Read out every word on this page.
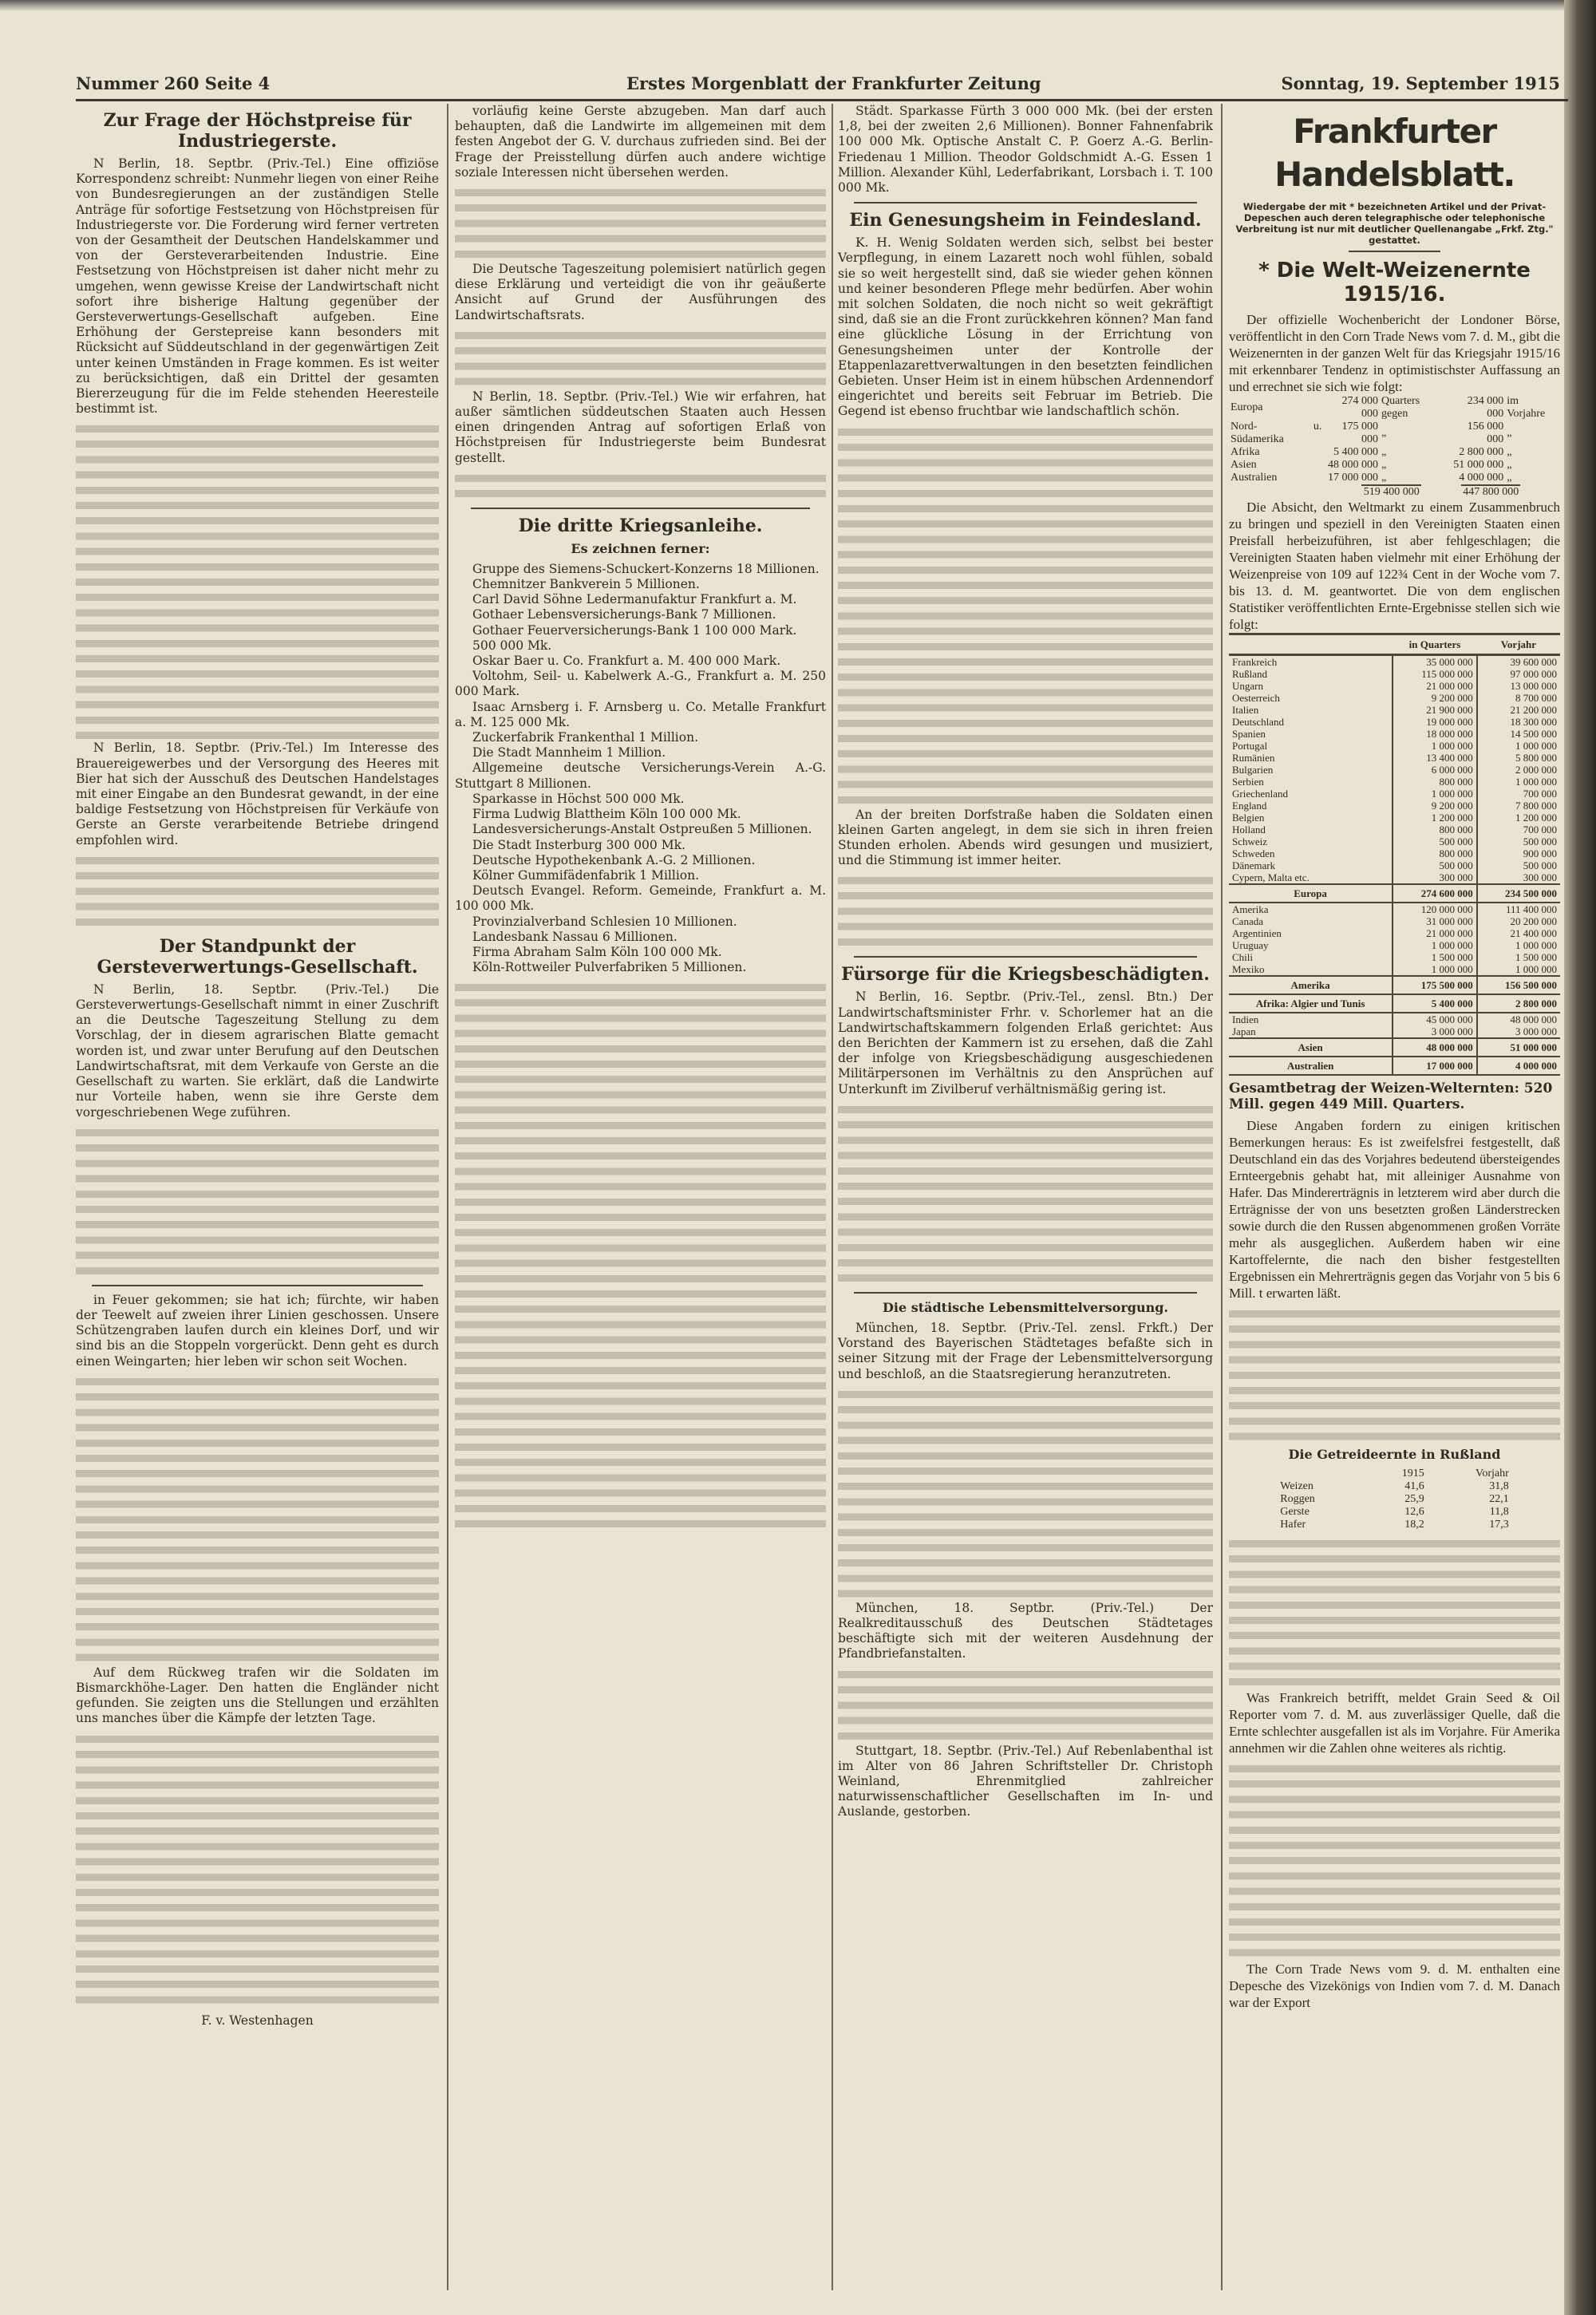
Nummer 260 Seite 4	Erstes Morgenblatt der Frankfurter Zeitung	Sonntag, 19. September 1915
Zur Frage der Höchstpreise für Industriegerste.

N Berlin, 18. Septbr. (Priv.-Tel.) Eine offiziöse Korrespondenz schreibt: Nunmehr liegen von einer Reihe von Bundesregierungen an der zuständigen Stelle Anträge für sofortige Festsetzung von Höchstpreisen für Industriegerste vor. Die Forderung wird ferner vertreten von der Gesamtheit der Deutschen Handelskammer und von der Gersteverarbeitenden Industrie. Eine Festsetzung von Höchstpreisen ist daher nicht mehr zu umgehen, wenn gewisse Kreise der Landwirtschaft nicht sofort ihre bisherige Haltung gegenüber der Gersteverwertungs-Gesellschaft aufgeben. Eine Erhöhung der Gerstepreise kann besonders mit Rücksicht auf Süddeutschland in der gegenwärtigen Zeit unter keinen Umständen in Frage kommen. Es ist weiter zu berücksichtigen, daß ein Drittel der gesamten Biererzeugung für die im Felde stehenden Heeresteile bestimmt ist.

N Berlin, 18. Septbr. (Priv.-Tel.) Im Interesse des Brauereigewerbes und der Versorgung des Heeres mit Bier hat sich der Ausschuß des Deutschen Handelstages mit einer Eingabe an den Bundesrat gewandt, in der eine baldige Festsetzung von Höchstpreisen für Verkäufe von Gerste an Gerste verarbeitende Betriebe dringend empfohlen wird.

Der Standpunkt der Gersteverwertungs-Gesellschaft.

N Berlin, 18. Septbr. (Priv.-Tel.) Die Gersteverwertungs-Gesellschaft nimmt in einer Zuschrift an die Deutsche Tageszeitung Stellung zu dem Vorschlag, der in diesem agrarischen Blatte gemacht worden ist, und zwar unter Berufung auf den Deutschen Landwirtschaftsrat, mit dem Verkaufe von Gerste an die Gesellschaft zu warten. Sie erklärt, daß die Landwirte nur Vorteile haben, wenn sie ihre Gerste dem vorgeschriebenen Wege zuführen.

in Feuer gekommen; sie hat ich; fürchte, wir haben der Teewelt auf zweien ihrer Linien geschossen. Unsere Schützengraben laufen durch ein kleines Dorf, und wir sind bis an die Stoppeln vorgerückt. Denn geht es durch einen Weingarten; hier leben wir schon seit Wochen.

Auf dem Rückweg trafen wir die Soldaten im Bismarckhöhe-Lager. Den hatten die Engländer nicht gefunden. Sie zeigten uns die Stellungen und erzählten uns manches über die Kämpfe der letzten Tage.

F. v. Westenhagen

vorläufig keine Gerste abzugeben. Man darf auch behaupten, daß die Landwirte im allgemeinen mit dem festen Angebot der G. V. durchaus zufrieden sind. Bei der Frage der Preisstellung dürfen auch andere wichtige soziale Interessen nicht übersehen werden.

Die Deutsche Tageszeitung polemisiert natürlich gegen diese Erklärung und verteidigt die von ihr geäußerte Ansicht auf Grund der Ausführungen des Landwirtschaftsrats.

N Berlin, 18. Septbr. (Priv.-Tel.) Wie wir erfahren, hat außer sämtlichen süddeutschen Staaten auch Hessen einen dringenden Antrag auf sofortigen Erlaß von Höchstpreisen für Industriegerste beim Bundesrat gestellt.

Die dritte Kriegsanleihe.
Es zeichnen ferner:

Gruppe des Siemens-Schuckert-Konzerns 18 Millionen.

Chemnitzer Bankverein 5 Millionen.

Carl David Söhne Ledermanufaktur Frankfurt a. M.

Gothaer Lebensversicherungs-Bank 7 Millionen.

Gothaer Feuerversicherungs-Bank 1 100 000 Mark.

500 000 Mk.

Oskar Baer u. Co. Frankfurt a. M. 400 000 Mark.

Voltohm, Seil- u. Kabelwerk A.-G., Frankfurt a. M. 250 000 Mark.

Isaac Arnsberg i. F. Arnsberg u. Co. Metalle Frankfurt a. M. 125 000 Mk.

Zuckerfabrik Frankenthal 1 Million.

Die Stadt Mannheim 1 Million.

Allgemeine deutsche Versicherungs-Verein A.-G. Stuttgart 8 Millionen.

Sparkasse in Höchst 500 000 Mk.

Firma Ludwig Blattheim Köln 100 000 Mk.

Landesversicherungs-Anstalt Ostpreußen 5 Millionen.

Die Stadt Insterburg 300 000 Mk.

Deutsche Hypothekenbank A.-G. 2 Millionen.

Kölner Gummifädenfabrik 1 Million.

Deutsch Evangel. Reform. Gemeinde, Frankfurt a. M. 100 000 Mk.

Provinzialverband Schlesien 10 Millionen.

Landesbank Nassau 6 Millionen.

Firma Abraham Salm Köln 100 000 Mk.

Köln-Rottweiler Pulverfabriken 5 Millionen.

Städt. Sparkasse Fürth 3 000 000 Mk. (bei der ersten 1,8, bei der zweiten 2,6 Millionen). Bonner Fahnenfabrik 100 000 Mk. Optische Anstalt C. P. Goerz A.-G. Berlin-Friedenau 1 Million. Theodor Goldschmidt A.-G. Essen 1 Million. Alexander Kühl, Lederfabrikant, Lorsbach i. T. 100 000 Mk.

Ein Genesungsheim in Feindesland.

K. H. Wenig Soldaten werden sich, selbst bei bester Verpflegung, in einem Lazarett noch wohl fühlen, sobald sie so weit hergestellt sind, daß sie wieder gehen können und keiner besonderen Pflege mehr bedürfen. Aber wohin mit solchen Soldaten, die noch nicht so weit gekräftigt sind, daß sie an die Front zurückkehren können? Man fand eine glückliche Lösung in der Errichtung von Genesungsheimen unter der Kontrolle der Etappenlazarettverwaltungen in den besetzten feindlichen Gebieten. Unser Heim ist in einem hübschen Ardennendorf eingerichtet und bereits seit Februar im Betrieb. Die Gegend ist ebenso fruchtbar wie landschaftlich schön.

An der breiten Dorfstraße haben die Soldaten einen kleinen Garten angelegt, in dem sie sich in ihren freien Stunden erholen. Abends wird gesungen und musiziert, und die Stimmung ist immer heiter.

Fürsorge für die Kriegsbeschädigten.

N Berlin, 16. Septbr. (Priv.-Tel., zensl. Btn.) Der Landwirtschaftsminister Frhr. v. Schorlemer hat an die Landwirtschaftskammern folgenden Erlaß gerichtet: Aus den Berichten der Kammern ist zu ersehen, daß die Zahl der infolge von Kriegsbeschädigung ausgeschiedenen Militärpersonen im Verhältnis zu den Ansprüchen auf Unterkunft im Zivilberuf verhältnismäßig gering ist.

Die städtische Lebensmittelversorgung.

München, 18. Septbr. (Priv.-Tel. zensl. Frkft.) Der Vorstand des Bayerischen Städtetages befaßte sich in seiner Sitzung mit der Frage der Lebensmittelversorgung und beschloß, an die Staatsregierung heranzutreten.

München, 18. Septbr. (Priv.-Tel.) Der Realkreditausschuß des Deutschen Städtetages beschäftigte sich mit der weiteren Ausdehnung der Pfandbriefanstalten.

Stuttgart, 18. Septbr. (Priv.-Tel.) Auf Rebenlabenthal ist im Alter von 86 Jahren Schriftsteller Dr. Christoph Weinland, Ehrenmitglied zahlreicher naturwissenschaftlicher Gesellschaften im In- und Auslande, gestorben.

Frankfurter Handelsblatt.
Wiedergabe der mit * bezeichneten Artikel und der Privat-Depeschen auch deren telegraphische oder telephonische Verbreitung ist nur mit deutlicher Quellenangabe „Frkf. Ztg." gestattet.
* Die Welt-Weizenernte 1915/16.

Der offizielle Wochenbericht der Londoner Börse, veröffentlicht in den Corn Trade News vom 7. d. M., gibt die Weizenernten in der ganzen Welt für das Kriegsjahr 1915/16 mit erkennbarer Tendenz in optimistischster Auffassung an und errechnet sie sich wie folgt:

Europa	274 000 000	Quarters gegen	234 000 000	im Vorjahre
Nord- u. Südamerika	175 000 000	„	156 000 000	„
Afrika	5 400 000	„	2 800 000	„
Asien	48 000 000	„	51 000 000	„
Australien	17 000 000	„	4 000 000	„
	519 400 000		447 800 000	

Die Absicht, den Weltmarkt zu einem Zusammenbruch zu bringen und speziell in den Vereinigten Staaten einen Preisfall herbeizuführen, ist aber fehlgeschlagen; die Vereinigten Staaten haben vielmehr mit einer Erhöhung der Weizenpreise von 109 auf 122¾ Cent in der Woche vom 7. bis 13. d. M. geantwortet. Die von dem englischen Statistiker veröffentlichten Ernte-Ergebnisse stellen sich wie folgt:

	in Quarters	Vorjahr
Frankreich	35 000 000	39 600 000
Rußland	115 000 000	97 000 000
Ungarn	21 000 000	13 000 000
Oesterreich	9 200 000	8 700 000
Italien	21 900 000	21 200 000
Deutschland	19 000 000	18 300 000
Spanien	18 000 000	14 500 000
Portugal	1 000 000	1 000 000
Rumänien	13 400 000	5 800 000
Bulgarien	6 000 000	2 000 000
Serbien	800 000	1 000 000
Griechenland	1 000 000	700 000
England	9 200 000	7 800 000
Belgien	1 200 000	1 200 000
Holland	800 000	700 000
Schweiz	500 000	500 000
Schweden	800 000	900 000
Dänemark	500 000	500 000
Cypern, Malta etc.	300 000	300 000
Europa	274 600 000	234 500 000
Amerika	120 000 000	111 400 000
Canada	31 000 000	20 200 000
Argentinien	21 000 000	21 400 000
Uruguay	1 000 000	1 000 000
Chili	1 500 000	1 500 000
Mexiko	1 000 000	1 000 000
Amerika	175 500 000	156 500 000
Afrika: Algier und Tunis	5 400 000	2 800 000
Indien	45 000 000	48 000 000
Japan	3 000 000	3 000 000
Asien	48 000 000	51 000 000
Australien	17 000 000	4 000 000
Gesamtbetrag der Weizen-Welternten: 520 Mill. gegen 449 Mill. Quarters.

Diese Angaben fordern zu einigen kritischen Bemerkungen heraus: Es ist zweifelsfrei festgestellt, daß Deutschland ein das des Vorjahres bedeutend übersteigendes Ernteergebnis gehabt hat, mit alleiniger Ausnahme von Hafer. Das Mindererträgnis in letzterem wird aber durch die Erträgnisse der von uns besetzten großen Länderstrecken sowie durch die den Russen abgenommenen großen Vorräte mehr als ausgeglichen. Außerdem haben wir eine Kartoffelernte, die nach den bisher festgestellten Ergebnissen ein Mehrerträgnis gegen das Vorjahr von 5 bis 6 Mill. t erwarten läßt.

Die Getreideernte in Rußland
	1915	Vorjahr
Weizen	41,6	31,8
Roggen	25,9	22,1
Gerste	12,6	11,8
Hafer	18,2	17,3

Was Frankreich betrifft, meldet Grain Seed & Oil Reporter vom 7. d. M. aus zuverlässiger Quelle, daß die Ernte schlechter ausgefallen ist als im Vorjahre. Für Amerika annehmen wir die Zahlen ohne weiteres als richtig.

The Corn Trade News vom 9. d. M. enthalten eine Depesche des Vizekönigs von Indien vom 7. d. M. Danach war der Export
